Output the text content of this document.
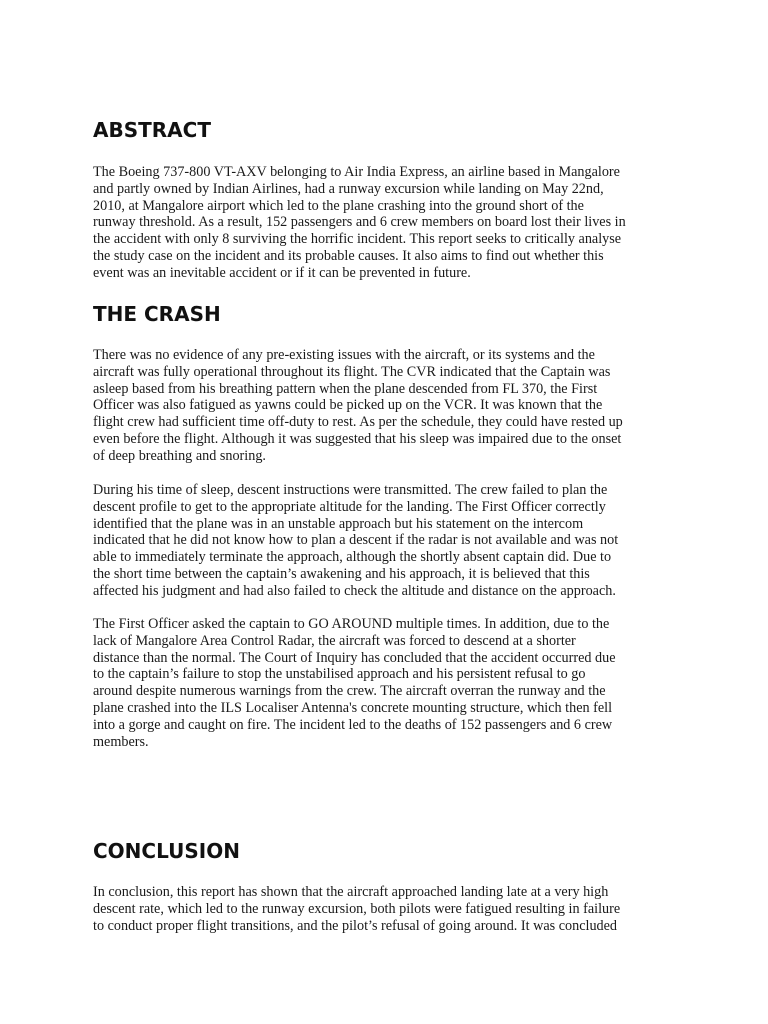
ABSTRACT

The Boeing 737-800 VT-AXV belonging to Air India Express, an airline based in Mangalore
and partly owned by Indian Airlines, had a runway excursion while landing on May 22nd,
2010, at Mangalore airport which led to the plane crashing into the ground short of the
runway threshold. As a result, 152 passengers and 6 crew members on board lost their lives in
the accident with only 8 surviving the horrific incident. This report seeks to critically analyse
the study case on the incident and its probable causes. It also aims to find out whether this
event was an inevitable accident or if it can be prevented in future.

THE CRASH

There was no evidence of any pre-existing issues with the aircraft, or its systems and the
aircraft was fully operational throughout its flight. The CVR indicated that the Captain was
asleep based from his breathing pattern when the plane descended from FL 370, the First
Officer was also fatigued as yawns could be picked up on the VCR. It was known that the
flight crew had sufficient time off-duty to rest. As per the schedule, they could have rested up
even before the flight. Although it was suggested that his sleep was impaired due to the onset
of deep breathing and snoring.

During his time of sleep, descent instructions were transmitted. The crew failed to plan the
descent profile to get to the appropriate altitude for the landing. The First Officer correctly
identified that the plane was in an unstable approach but his statement on the intercom
indicated that he did not know how to plan a descent if the radar is not available and was not
able to immediately terminate the approach, although the shortly absent captain did. Due to
the short time between the captain’s awakening and his approach, it is believed that this
affected his judgment and had also failed to check the altitude and distance on the approach.

The First Officer asked the captain to GO AROUND multiple times. In addition, due to the
lack of Mangalore Area Control Radar, the aircraft was forced to descend at a shorter
distance than the normal. The Court of Inquiry has concluded that the accident occurred due
to the captain’s failure to stop the unstabilised approach and his persistent refusal to go
around despite numerous warnings from the crew. The aircraft overran the runway and the
plane crashed into the ILS Localiser Antenna's concrete mounting structure, which then fell
into a gorge and caught on fire. The incident led to the deaths of 152 passengers and 6 crew
members.

CONCLUSION

In conclusion, this report has shown that the aircraft approached landing late at a very high
descent rate, which led to the runway excursion, both pilots were fatigued resulting in failure
to conduct proper flight transitions, and the pilot’s refusal of going around. It was concluded
